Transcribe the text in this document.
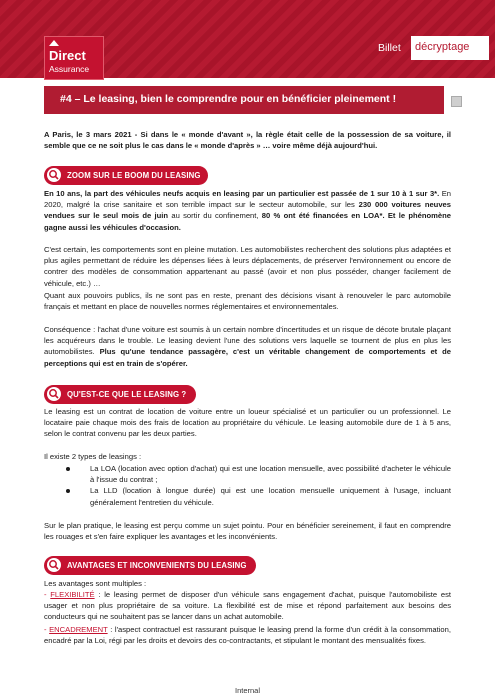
Direct
Assurance
Billet décryptage
#4 – Le leasing, bien le comprendre pour en bénéficier pleinement !
A Paris, le 3 mars 2021 - Si dans le « monde d'avant », la règle était celle de la possession de sa voiture, il semble que ce ne soit plus le cas dans le « monde d'après » … voire même déjà aujourd'hui.
ZOOM SUR LE BOOM DU LEASING
En 10 ans, la part des véhicules neufs acquis en leasing par un particulier est passée de 1 sur 10 à 1 sur 3*. En 2020, malgré la crise sanitaire et son terrible impact sur le secteur automobile, sur les 230 000 voitures neuves vendues sur le seul mois de juin au sortir du confinement, 80 % ont été financées en LOA*. Et le phénomène gagne aussi les véhicules d'occasion.
C'est certain, les comportements sont en pleine mutation. Les automobilistes recherchent des solutions plus adaptées et plus agiles permettant de réduire les dépenses liées à leurs déplacements, de préserver l'environnement ou encore de contrer des modèles de consommation appartenant au passé (avoir et non plus posséder, changer facilement de véhicule, etc.) …
Quant aux pouvoirs publics, ils ne sont pas en reste, prenant des décisions visant à renouveler le parc automobile français et mettant en place de nouvelles normes réglementaires et environnementales.
Conséquence : l'achat d'une voiture est soumis à un certain nombre d'incertitudes et un risque de décote brutale plaçant les acquéreurs dans le trouble. Le leasing devient l'une des solutions vers laquelle se tournent de plus en plus les automobilistes. Plus qu'une tendance passagère, c'est un véritable changement de comportements et de perceptions qui est en train de s'opérer.
QU'EST-CE QUE LE LEASING ?
Le leasing est un contrat de location de voiture entre un loueur spécialisé et un particulier ou un professionnel. Le locataire paie chaque mois des frais de location au propriétaire du véhicule. Le leasing automobile dure de 1 à 5 ans, selon le contrat convenu par les deux parties.
Il existe 2 types de leasings :
La LOA (location avec option d'achat) qui est une location mensuelle, avec possibilité d'acheter le véhicule à l'issue du contrat ;
La LLD (location à longue durée) qui est une location mensuelle uniquement à l'usage, incluant généralement l'entretien du véhicule.
Sur le plan pratique, le leasing est perçu comme un sujet pointu. Pour en bénéficier sereinement, il faut en comprendre les rouages et s'en faire expliquer les avantages et les inconvénients.
AVANTAGES ET INCONVENIENTS DU LEASING
Les avantages sont multiples :
- FLEXIBILITÉ : le leasing permet de disposer d'un véhicule sans engagement d'achat, puisque l'automobiliste est usager et non plus propriétaire de sa voiture. La flexibilité est de mise et répond parfaitement aux besoins des conducteurs qui ne souhaitent pas se lancer dans un achat automobile.
- ENCADREMENT : l'aspect contractuel est rassurant puisque le leasing prend la forme d'un crédit à la consommation, encadré par la Loi, régi par les droits et devoirs des co-contractants, et stipulant le montant des mensualités fixes.
Internal
